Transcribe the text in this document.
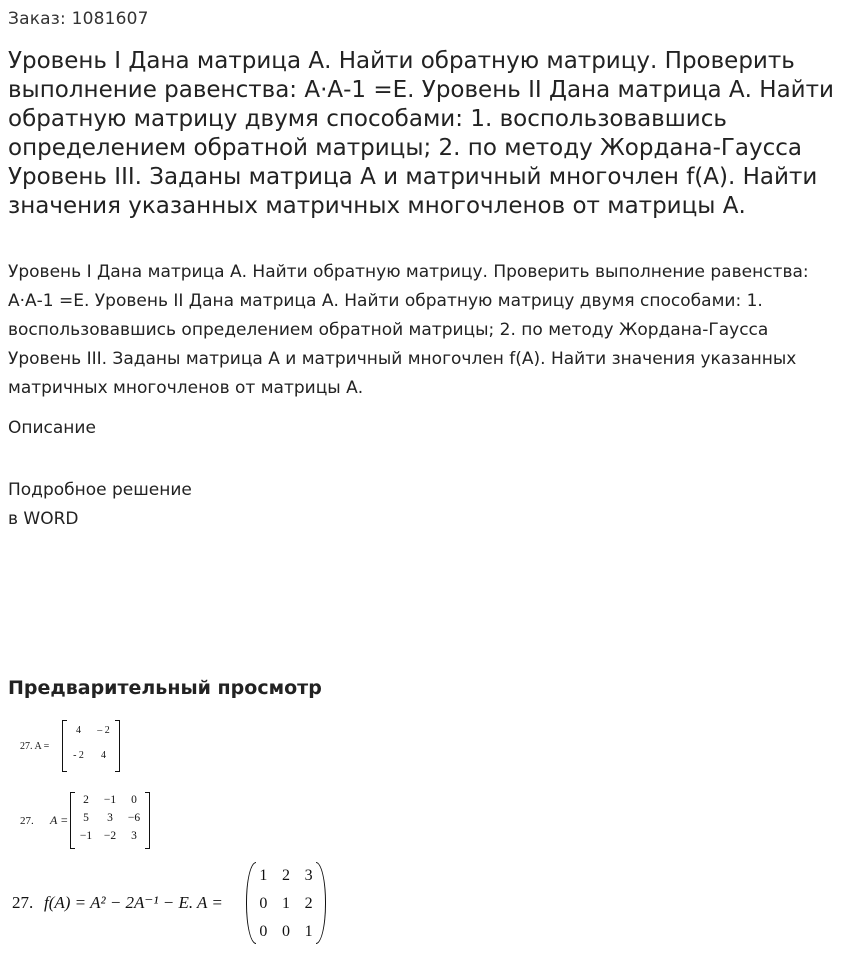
Заказ: 1081607
Уровень I Дана матрица А. Найти обратную матрицу. Проверить выполнение равенства: А·А-1 =Е. Уровень II Дана матрица А. Найти обратную матрицу двумя способами: 1. воспользовавшись определением обратной матрицы; 2. по методу Жордана-Гаусса Уровень III. Заданы матрица А и матричный многочлен f(A). Найти значения указанных матричных многочленов от матрицы А.

Уровень I Дана матрица А. Найти обратную матрицу. Проверить выполнение равенства: А·А-1 =Е. Уровень II Дана матрица А. Найти обратную матрицу двумя способами: 1. воспользовавшись определением обратной матрицы; 2. по методу Жордана-Гаусса Уровень III. Заданы матрица А и матричный многочлен f(A). Найти значения указанных матричных многочленов от матрицы А.

Описание
Подробное решение
в WORD
Предварительный просмотр
27. A =
4	– 2
- 2	4
27. A =
2	−1	0
5	3	−6
−1	−2	3
27. f(A) = A² − 2A⁻¹ − E. A =
1 2 3
0 1 2
0 0 1
